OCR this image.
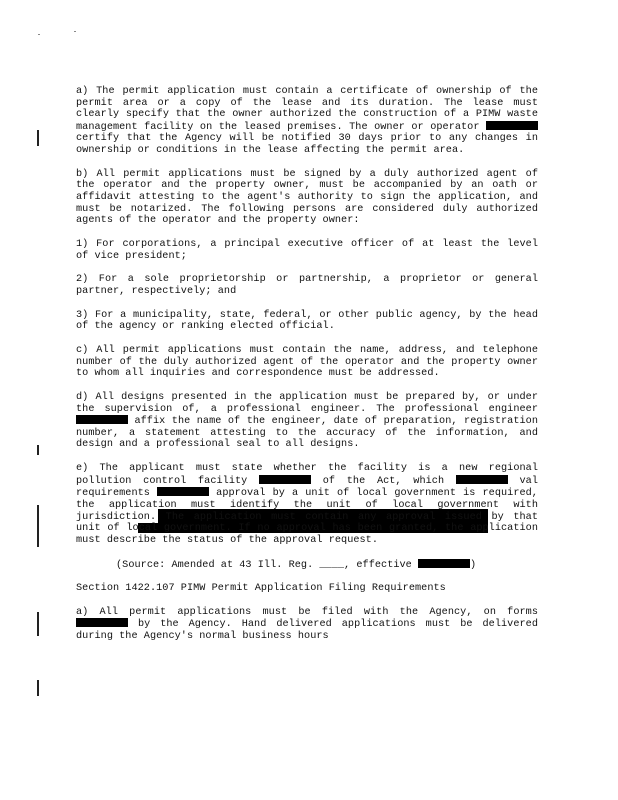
a) The permit application must contain a certificate of ownership of the permit area or a copy of the lease and its duration. The lease must clearly specify that the owner authorized the construction of a PIMW waste management facility on the leased premises. The owner or operator  certify that the Agency will be notified 30 days prior to any changes in ownership or conditions in the lease affecting the permit area.

b) All permit applications must be signed by a duly authorized agent of the operator and the property owner, must be accompanied by an oath or affidavit attesting to the agent's authority to sign the application, and must be notarized. The following persons are considered duly authorized agents of the operator and the property owner:

1) For corporations, a principal executive officer of at least the level of vice president;

2) For a sole proprietorship or partnership, a proprietor or general partner, respectively; and

3) For a municipality, state, federal, or other public agency, by the head of the agency or ranking elected official.

c) All permit applications must contain the name, address, and telephone number of the duly authorized agent of the operator and the property owner to whom all inquiries and correspondence must be addressed.

d) All designs presented in the application must be prepared by, or under the supervision of, a professional engineer. The professional engineer  affix the name of the engineer, date of preparation, registration number, a statement attesting to the accuracy of the information, and design and a professional seal to all designs.

e) The applicant must state whether the facility is a new regional pollution control facility	of the Act, which	val requirements	approval by a unit of local government is required, the application must identify the unit of local government with jurisdiction. The application must contain any approval issued by that unit of local government. If no approval has been granted, the application must describe the status of the approval request.

(Source: Amended at 43 Ill. Reg. ____, effective	)

Section 1422.107 PIMW Permit Application Filing Requirements

a) All permit applications must be filed with the Agency, on forms  by the Agency. Hand delivered applications must be delivered during the Agency's normal business hours
